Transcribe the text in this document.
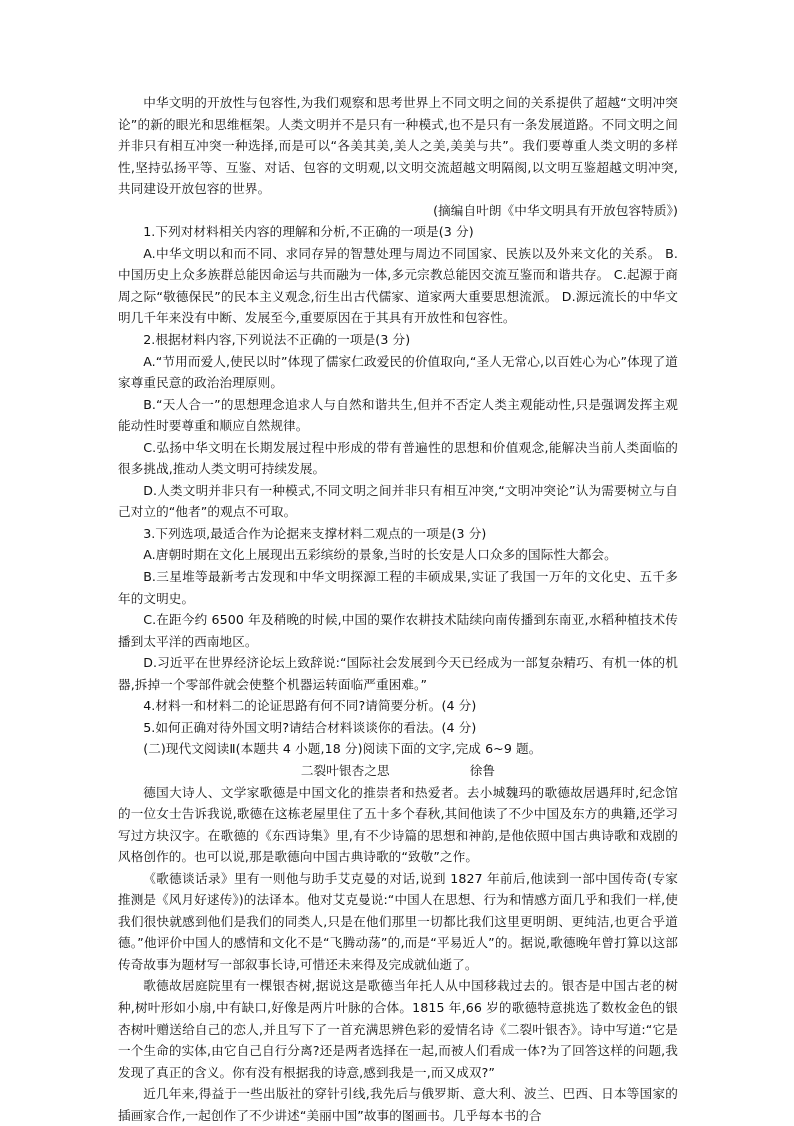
中华文明的开放性与包容性,为我们观察和思考世界上不同文明之间的关系提供了超越“文明冲突论”的新的眼光和思维框架。人类文明并不是只有一种模式,也不是只有一条发展道路。不同文明之间并非只有相互冲突一种选择,而是可以“各美其美,美人之美,美美与共”。我们要尊重人类文明的多样性,坚持弘扬平等、互鉴、对话、包容的文明观,以文明交流超越文明隔阂,以文明互鉴超越文明冲突,共同建设开放包容的世界。

(摘编自叶朗《中华文明具有开放包容特质》)

1.下列对材料相关内容的理解和分析,不正确的一项是(3 分)

A.中华文明以和而不同、求同存异的智慧处理与周边不同国家、民族以及外来文化的关系。 B.中国历史上众多族群总能因命运与共而融为一体,多元宗教总能因交流互鉴而和谐共存。 C.起源于商周之际“敬德保民”的民本主义观念,衍生出古代儒家、道家两大重要思想流派。 D.源远流长的中华文明几千年来没有中断、发展至今,重要原因在于其具有开放性和包容性。

2.根据材料内容,下列说法不正确的一项是(3 分)

A.“节用而爱人,使民以时”体现了儒家仁政爱民的价值取向,“圣人无常心,以百姓心为心”体现了道家尊重民意的政治治理原则。

B.“天人合一”的思想理念追求人与自然和谐共生,但并不否定人类主观能动性,只是强调发挥主观能动性时要尊重和顺应自然规律。

C.弘扬中华文明在长期发展过程中形成的带有普遍性的思想和价值观念,能解决当前人类面临的很多挑战,推动人类文明可持续发展。

D.人类文明并非只有一种模式,不同文明之间并非只有相互冲突,“文明冲突论”认为需要树立与自己对立的“他者”的观点不可取。

3.下列选项,最适合作为论据来支撑材料二观点的一项是(3 分)

A.唐朝时期在文化上展现出五彩缤纷的景象,当时的长安是人口众多的国际性大都会。

B.三星堆等最新考古发现和中华文明探源工程的丰硕成果,实证了我国一万年的文化史、五千多年的文明史。

C.在距今约 6500 年及稍晚的时候,中国的粟作农耕技术陆续向南传播到东南亚,水稻种植技术传播到太平洋的西南地区。

D.习近平在世界经济论坛上致辞说:“国际社会发展到今天已经成为一部复杂精巧、有机一体的机器,拆掉一个零部件就会使整个机器运转面临严重困难。”

4.材料一和材料二的论证思路有何不同?请简要分析。(4 分)

5.如何正确对待外国文明?请结合材料谈谈你的看法。(4 分)

(二)现代文阅读Ⅱ(本题共 4 小题,18 分)阅读下面的文字,完成 6~9 题。

二裂叶银杏之思	徐鲁

德国大诗人、文学家歌德是中国文化的推崇者和热爱者。去小城魏玛的歌德故居遇拜时,纪念馆的一位女士告诉我说,歌德在这栋老屋里住了五十多个春秋,其间他读了不少中国及东方的典籍,还学习写过方块汉字。在歌德的《东西诗集》里,有不少诗篇的思想和神韵,是他依照中国古典诗歌和戏剧的风格创作的。也可以说,那是歌德向中国古典诗歌的“致敬”之作。

《歌德谈话录》里有一则他与助手艾克曼的对话,说到 1827 年前后,他读到一部中国传奇(专家推测是《风月好逑传》)的法译本。他对艾克曼说:“中国人在思想、行为和情感方面几乎和我们一样,使我们很快就感到他们是我们的同类人,只是在他们那里一切都比我们这里更明朗、更纯洁,也更合乎道德。”他评价中国人的感情和文化不是“飞腾动荡”的,而是“平易近人”的。据说,歌德晚年曾打算以这部传奇故事为题材写一部叙事长诗,可惜还未来得及完成就仙逝了。

歌德故居庭院里有一棵银杏树,据说这是歌德当年托人从中国移栽过去的。银杏是中国古老的树种,树叶形如小扇,中有缺口,好像是两片叶脉的合体。1815 年,66 岁的歌德特意挑选了数枚金色的银杏树叶赠送给自己的恋人,并且写下了一首充满思辨色彩的爱情名诗《二裂叶银杏》。诗中写道:“它是一个生命的实体,由它自己自行分离?还是两者选择在一起,而被人们看成一体?为了回答这样的问题,我发现了真正的含义。你有没有根据我的诗意,感到我是一,而又成双?”

近几年来,得益于一些出版社的穿针引线,我先后与俄罗斯、意大利、波兰、巴西、日本等国家的插画家合作,一起创作了不少讲述“美丽中国”故事的图画书。几乎每本书的合
